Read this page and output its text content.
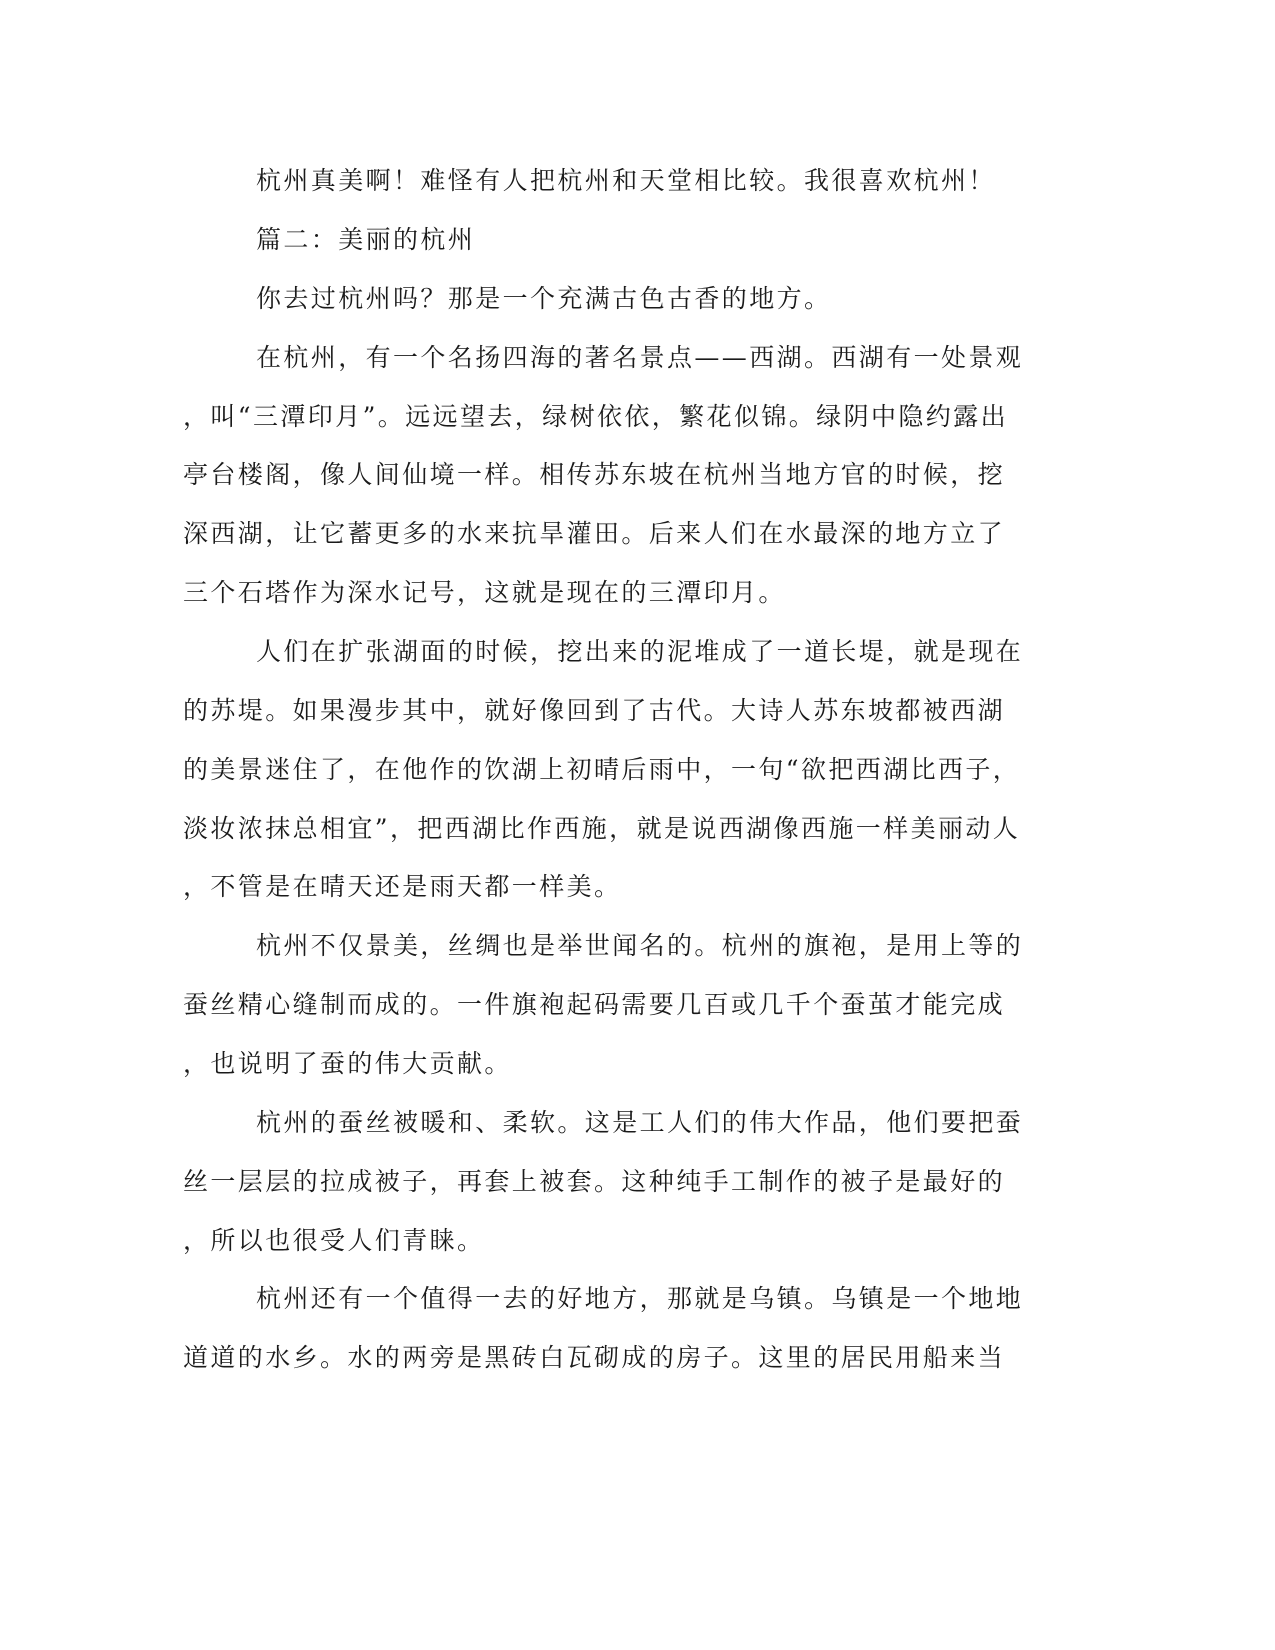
杭州真美啊！难怪有人把杭州和天堂相比较。我很喜欢杭州！
篇二：美丽的杭州
你去过杭州吗？那是一个充满古色古香的地方。
在杭州，有一个名扬四海的著名景点——西湖。西湖有一处景观
，叫“三潭印月”。远远望去，绿树依依，繁花似锦。绿阴中隐约露出
亭台楼阁，像人间仙境一样。相传苏东坡在杭州当地方官的时候，挖
深西湖，让它蓄更多的水来抗旱灌田。后来人们在水最深的地方立了
三个石塔作为深水记号，这就是现在的三潭印月。
人们在扩张湖面的时候，挖出来的泥堆成了一道长堤，就是现在
的苏堤。如果漫步其中，就好像回到了古代。大诗人苏东坡都被西湖
的美景迷住了，在他作的饮湖上初晴后雨中，一句“欲把西湖比西子，
淡妆浓抹总相宜”，把西湖比作西施，就是说西湖像西施一样美丽动人
，不管是在晴天还是雨天都一样美。
杭州不仅景美，丝绸也是举世闻名的。杭州的旗袍，是用上等的
蚕丝精心缝制而成的。一件旗袍起码需要几百或几千个蚕茧才能完成
，也说明了蚕的伟大贡献。
杭州的蚕丝被暖和、柔软。这是工人们的伟大作品，他们要把蚕
丝一层层的拉成被子，再套上被套。这种纯手工制作的被子是最好的
，所以也很受人们青睐。
杭州还有一个值得一去的好地方，那就是乌镇。乌镇是一个地地
道道的水乡。水的两旁是黑砖白瓦砌成的房子。这里的居民用船来当
